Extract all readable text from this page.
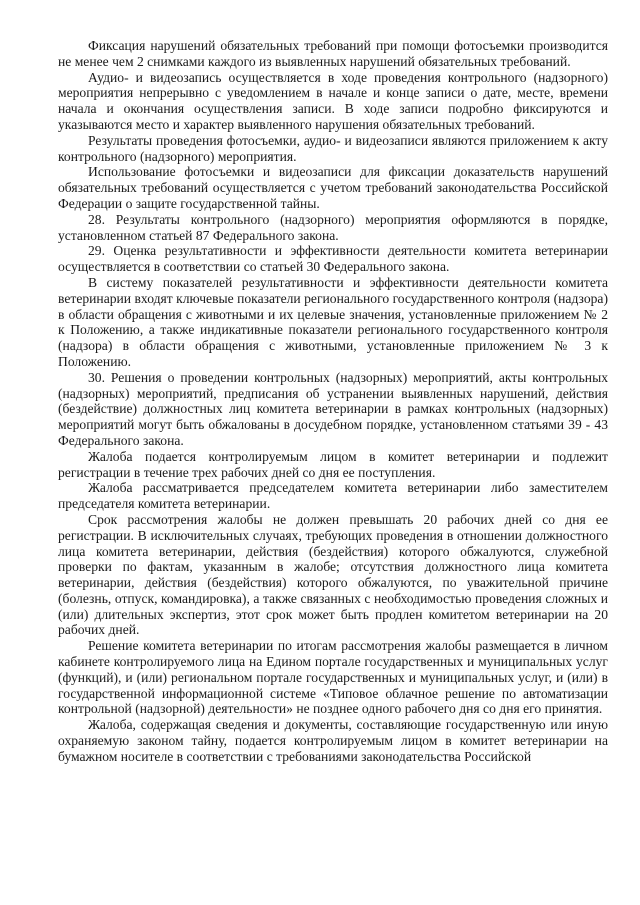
Фиксация нарушений обязательных требований при помощи фотосъемки производится не менее чем 2 снимками каждого из выявленных нарушений обязательных требований.

Аудио- и видеозапись осуществляется в ходе проведения контрольного (надзорного) мероприятия непрерывно с уведомлением в начале и конце записи о дате, месте, времени начала и окончания осуществления записи. В ходе записи подробно фиксируются и указываются место и характер выявленного нарушения обязательных требований.

Результаты проведения фотосъемки, аудио- и видеозаписи являются приложением к акту контрольного (надзорного) мероприятия.

Использование фотосъемки и видеозаписи для фиксации доказательств нарушений обязательных требований осуществляется с учетом требований законодательства Российской Федерации о защите государственной тайны.

28. Результаты контрольного (надзорного) мероприятия оформляются в порядке, установленном статьей 87 Федерального закона.

29. Оценка результативности и эффективности деятельности комитета ветеринарии осуществляется в соответствии со статьей 30 Федерального закона.

В систему показателей результативности и эффективности деятельности комитета ветеринарии входят ключевые показатели регионального государственного контроля (надзора) в области обращения с животными и их целевые значения, установленные приложением № 2 к Положению, а также индикативные показатели регионального государственного контроля (надзора) в области обращения с животными, установленные приложением № 3 к Положению.

30. Решения о проведении контрольных (надзорных) мероприятий, акты контрольных (надзорных) мероприятий, предписания об устранении выявленных нарушений, действия (бездействие) должностных лиц комитета ветеринарии в рамках контрольных (надзорных) мероприятий могут быть обжалованы в досудебном порядке, установленном статьями 39 - 43 Федерального закона.

Жалоба подается контролируемым лицом в комитет ветеринарии и подлежит регистрации в течение трех рабочих дней со дня ее поступления.

Жалоба рассматривается председателем комитета ветеринарии либо заместителем председателя комитета ветеринарии.

Срок рассмотрения жалобы не должен превышать 20 рабочих дней со дня ее регистрации. В исключительных случаях, требующих проведения в отношении должностного лица комитета ветеринарии, действия (бездействия) которого обжалуются, служебной проверки по фактам, указанным в жалобе; отсутствия должностного лица комитета ветеринарии, действия (бездействия) которого обжалуются, по уважительной причине (болезнь, отпуск, командировка), а также связанных с необходимостью проведения сложных и (или) длительных экспертиз, этот срок может быть продлен комитетом ветеринарии на 20 рабочих дней.

Решение комитета ветеринарии по итогам рассмотрения жалобы размещается в личном кабинете контролируемого лица на Едином портале государственных и муниципальных услуг (функций), и (или) региональном портале государственных и муниципальных услуг, и (или) в государственной информационной системе «Типовое облачное решение по автоматизации контрольной (надзорной) деятельности» не позднее одного рабочего дня со дня его принятия.

Жалоба, содержащая сведения и документы, составляющие государственную или иную охраняемую законом тайну, подается контролируемым лицом в комитет ветеринарии на бумажном носителе в соответствии с требованиями законодательства Российской
